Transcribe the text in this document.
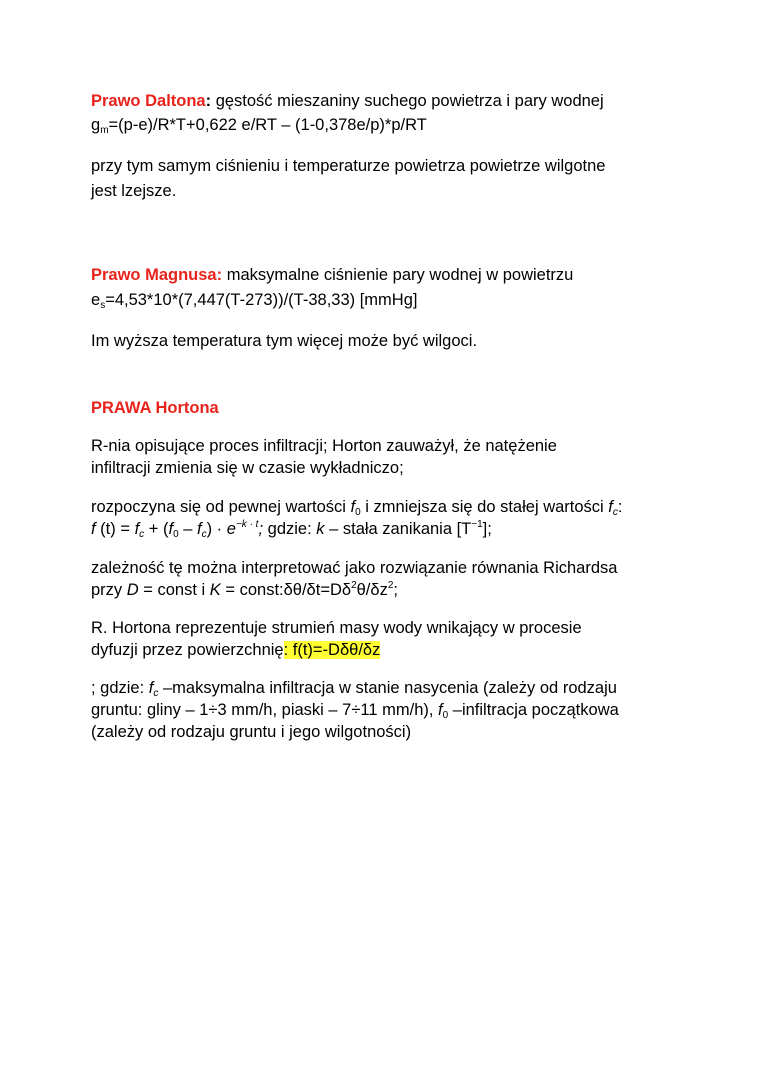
Prawo Daltona: gęstość mieszaniny suchego powietrza i pary wodnej
$g_m=(p-e)/R*T+0,622$ e/RT – (1-0,378e/p)*p/RT
przy tym samym ciśnieniu i temperaturze powietrza powietrze wilgotne
jest lzejsze.
Prawo Magnusa: maksymalne ciśnienie pary wodnej w powietrzu
$e_s=4,53*10*(7,447(T-273))/(T-38,33)$ [mmHg]
Im wyższa temperatura tym więcej może być wilgoci.
PRAWA Hortona
R-nia opisujące proces infiltracji; Horton zauważył, że natężenie
infiltracji zmienia się w czasie wykładniczo;
rozpoczyna się od pewnej wartości $f_0$ i zmniejsza się do stałej wartości $f_c$:
f $(t) = f_c + (f_0 - f_c) \cdot e^{-k \cdot t}$; gdzie: k – stała zanikania $[T^{-1}]$;
zależność tę można interpretować jako rozwiązanie równania Richardsa
przy D = const i $K = const:\delta\theta/\delta t=D\delta^2\theta/\delta z^2$;
R. Hortona reprezentuje strumień masy wody wnikający w procesie
dyfuzji przez powierzchnię: f(t)=-Dδθ/δz
; gdzie: $f_c$ –maksymalna infiltracja w stanie nasycenia (zależy od rodzaju
gruntu: gliny – 1÷3 mm/h, piaski – 7÷11 mm/h), $f_0$ –infiltracja początkowa
(zależy od rodzaju gruntu i jego wilgotności)
